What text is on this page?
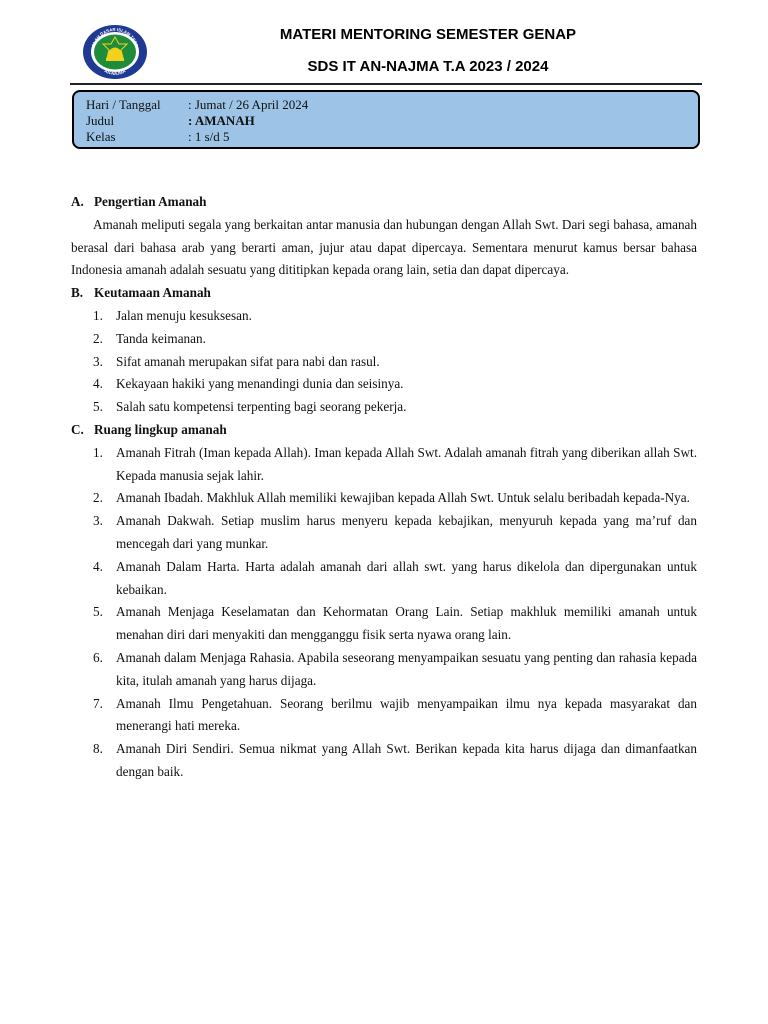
EKOLAH DASAR ISLAM TERPAD
AN-NAJMA
MATERI MENTORING SEMESTER GENAP
SDS IT AN-NAJMA T.A 2023 / 2024
Hari / Tanggal : Jumat / 26 April 2024
Judul	: AMANAH
Kelas	: 1 s/d 5
A. Pengertian Amanah

Amanah meliputi segala yang berkaitan antar manusia dan hubungan dengan Allah Swt. Dari segi bahasa, amanah berasal dari bahasa arab yang berarti aman, jujur atau dapat dipercaya. Sementara menurut kamus bersar bahasa Indonesia amanah adalah sesuatu yang dititipkan kepada orang lain, setia dan dapat dipercaya.

B. Keutamaan Amanah
1. Jalan menuju kesuksesan.
2. Tanda keimanan.
3. Sifat amanah merupakan sifat para nabi dan rasul.
4. Kekayaan hakiki yang menandingi dunia dan seisinya.
5. Salah satu kompetensi terpenting bagi seorang pekerja.
C. Ruang lingkup amanah
1. Amanah Fitrah (Iman kepada Allah). Iman kepada Allah Swt. Adalah amanah fitrah yang diberikan allah Swt. Kepada manusia sejak lahir.
2. Amanah Ibadah. Makhluk Allah memiliki kewajiban kepada Allah Swt. Untuk selalu beribadah kepada-Nya.
3. Amanah Dakwah. Setiap muslim harus menyeru kepada kebajikan, menyuruh kepada yang ma’ruf dan mencegah dari yang munkar.
4. Amanah Dalam Harta. Harta adalah amanah dari allah swt. yang harus dikelola dan dipergunakan untuk kebaikan.
5. Amanah Menjaga Keselamatan dan Kehormatan Orang Lain. Setiap makhluk memiliki amanah untuk menahan diri dari menyakiti dan mengganggu fisik serta nyawa orang lain.
6. Amanah dalam Menjaga Rahasia. Apabila seseorang menyampaikan sesuatu yang penting dan rahasia kepada kita, itulah amanah yang harus dijaga.
7. Amanah Ilmu Pengetahuan. Seorang berilmu wajib menyampaikan ilmu nya kepada masyarakat dan menerangi hati mereka.
8. Amanah Diri Sendiri. Semua nikmat yang Allah Swt. Berikan kepada kita harus dijaga dan dimanfaatkan dengan baik.
